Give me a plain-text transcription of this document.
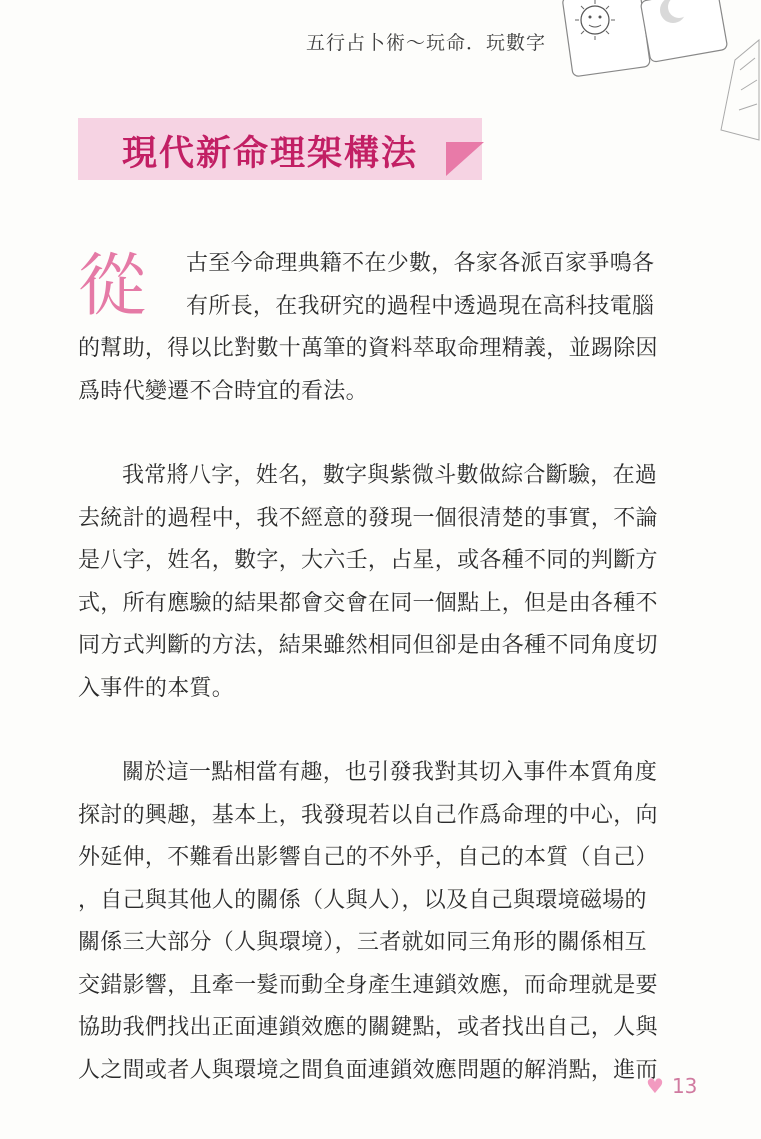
五行占卜術～玩命．玩數字
現代新命理架構法
從	古至今命理典籍不在少數，各家各派百家爭鳴各
有所長，在我研究的過程中透過現在高科技電腦
的幫助，得以比對數十萬筆的資料萃取命理精義，並踢除因
爲時代變遷不合時宜的看法。
我常將八字，姓名，數字與紫微斗數做綜合斷驗，在過
去統計的過程中，我不經意的發現一個很清楚的事實，不論
是八字，姓名，數字，大六壬，占星，或各種不同的判斷方
式，所有應驗的結果都會交會在同一個點上，但是由各種不
同方式判斷的方法，結果雖然相同但卻是由各種不同角度切
入事件的本質。
關於這一點相當有趣，也引發我對其切入事件本質角度
探討的興趣，基本上，我發現若以自己作爲命理的中心，向
外延伸，不難看出影響自己的不外乎，自己的本質（自己）
，自己與其他人的關係（人與人），以及自己與環境磁場的
關係三大部分（人與環境），三者就如同三角形的關係相互
交錯影響，且牽一髮而動全身產生連鎖效應，而命理就是要
協助我們找出正面連鎖效應的關鍵點，或者找出自己，人與
人之間或者人與環境之間負面連鎖效應問題的解消點，進而
♥ 13
